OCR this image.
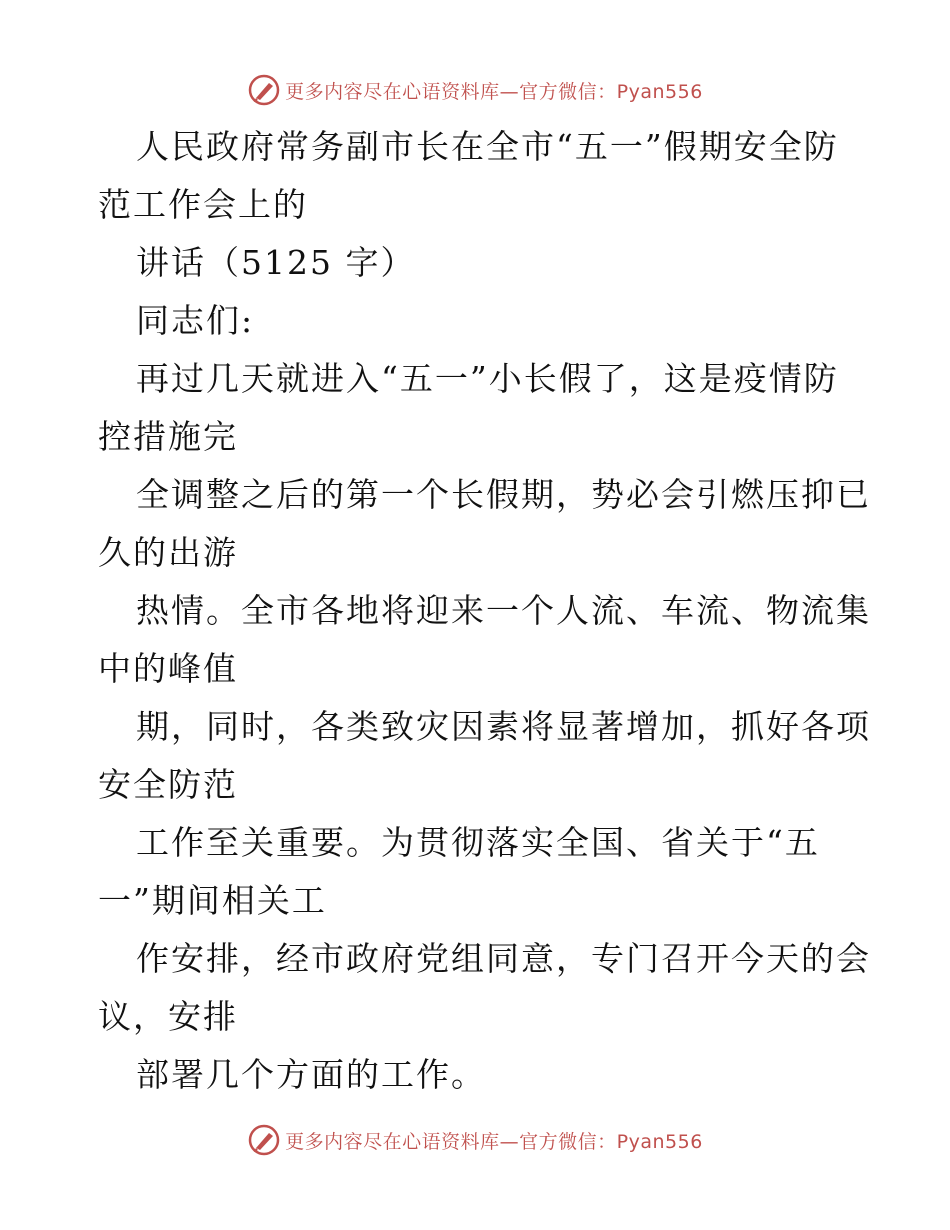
更多内容尽在心语资料库—官方微信：Pyan556
人民政府常务副市长在全市“五一”假期安全防
范工作会上的
讲话（5125 字）
同志们:
再过几天就进入“五一”小长假了，这是疫情防
控措施完
全调整之后的第一个长假期，势必会引燃压抑已
久的出游
热情。全市各地将迎来一个人流、车流、物流集
中的峰值
期，同时，各类致灾因素将显著增加，抓好各项
安全防范
工作至关重要。为贯彻落实全国、省关于“五
一”期间相关工
作安排，经市政府党组同意，专门召开今天的会
议，安排
部署几个方面的工作。
更多内容尽在心语资料库—官方微信：Pyan556
